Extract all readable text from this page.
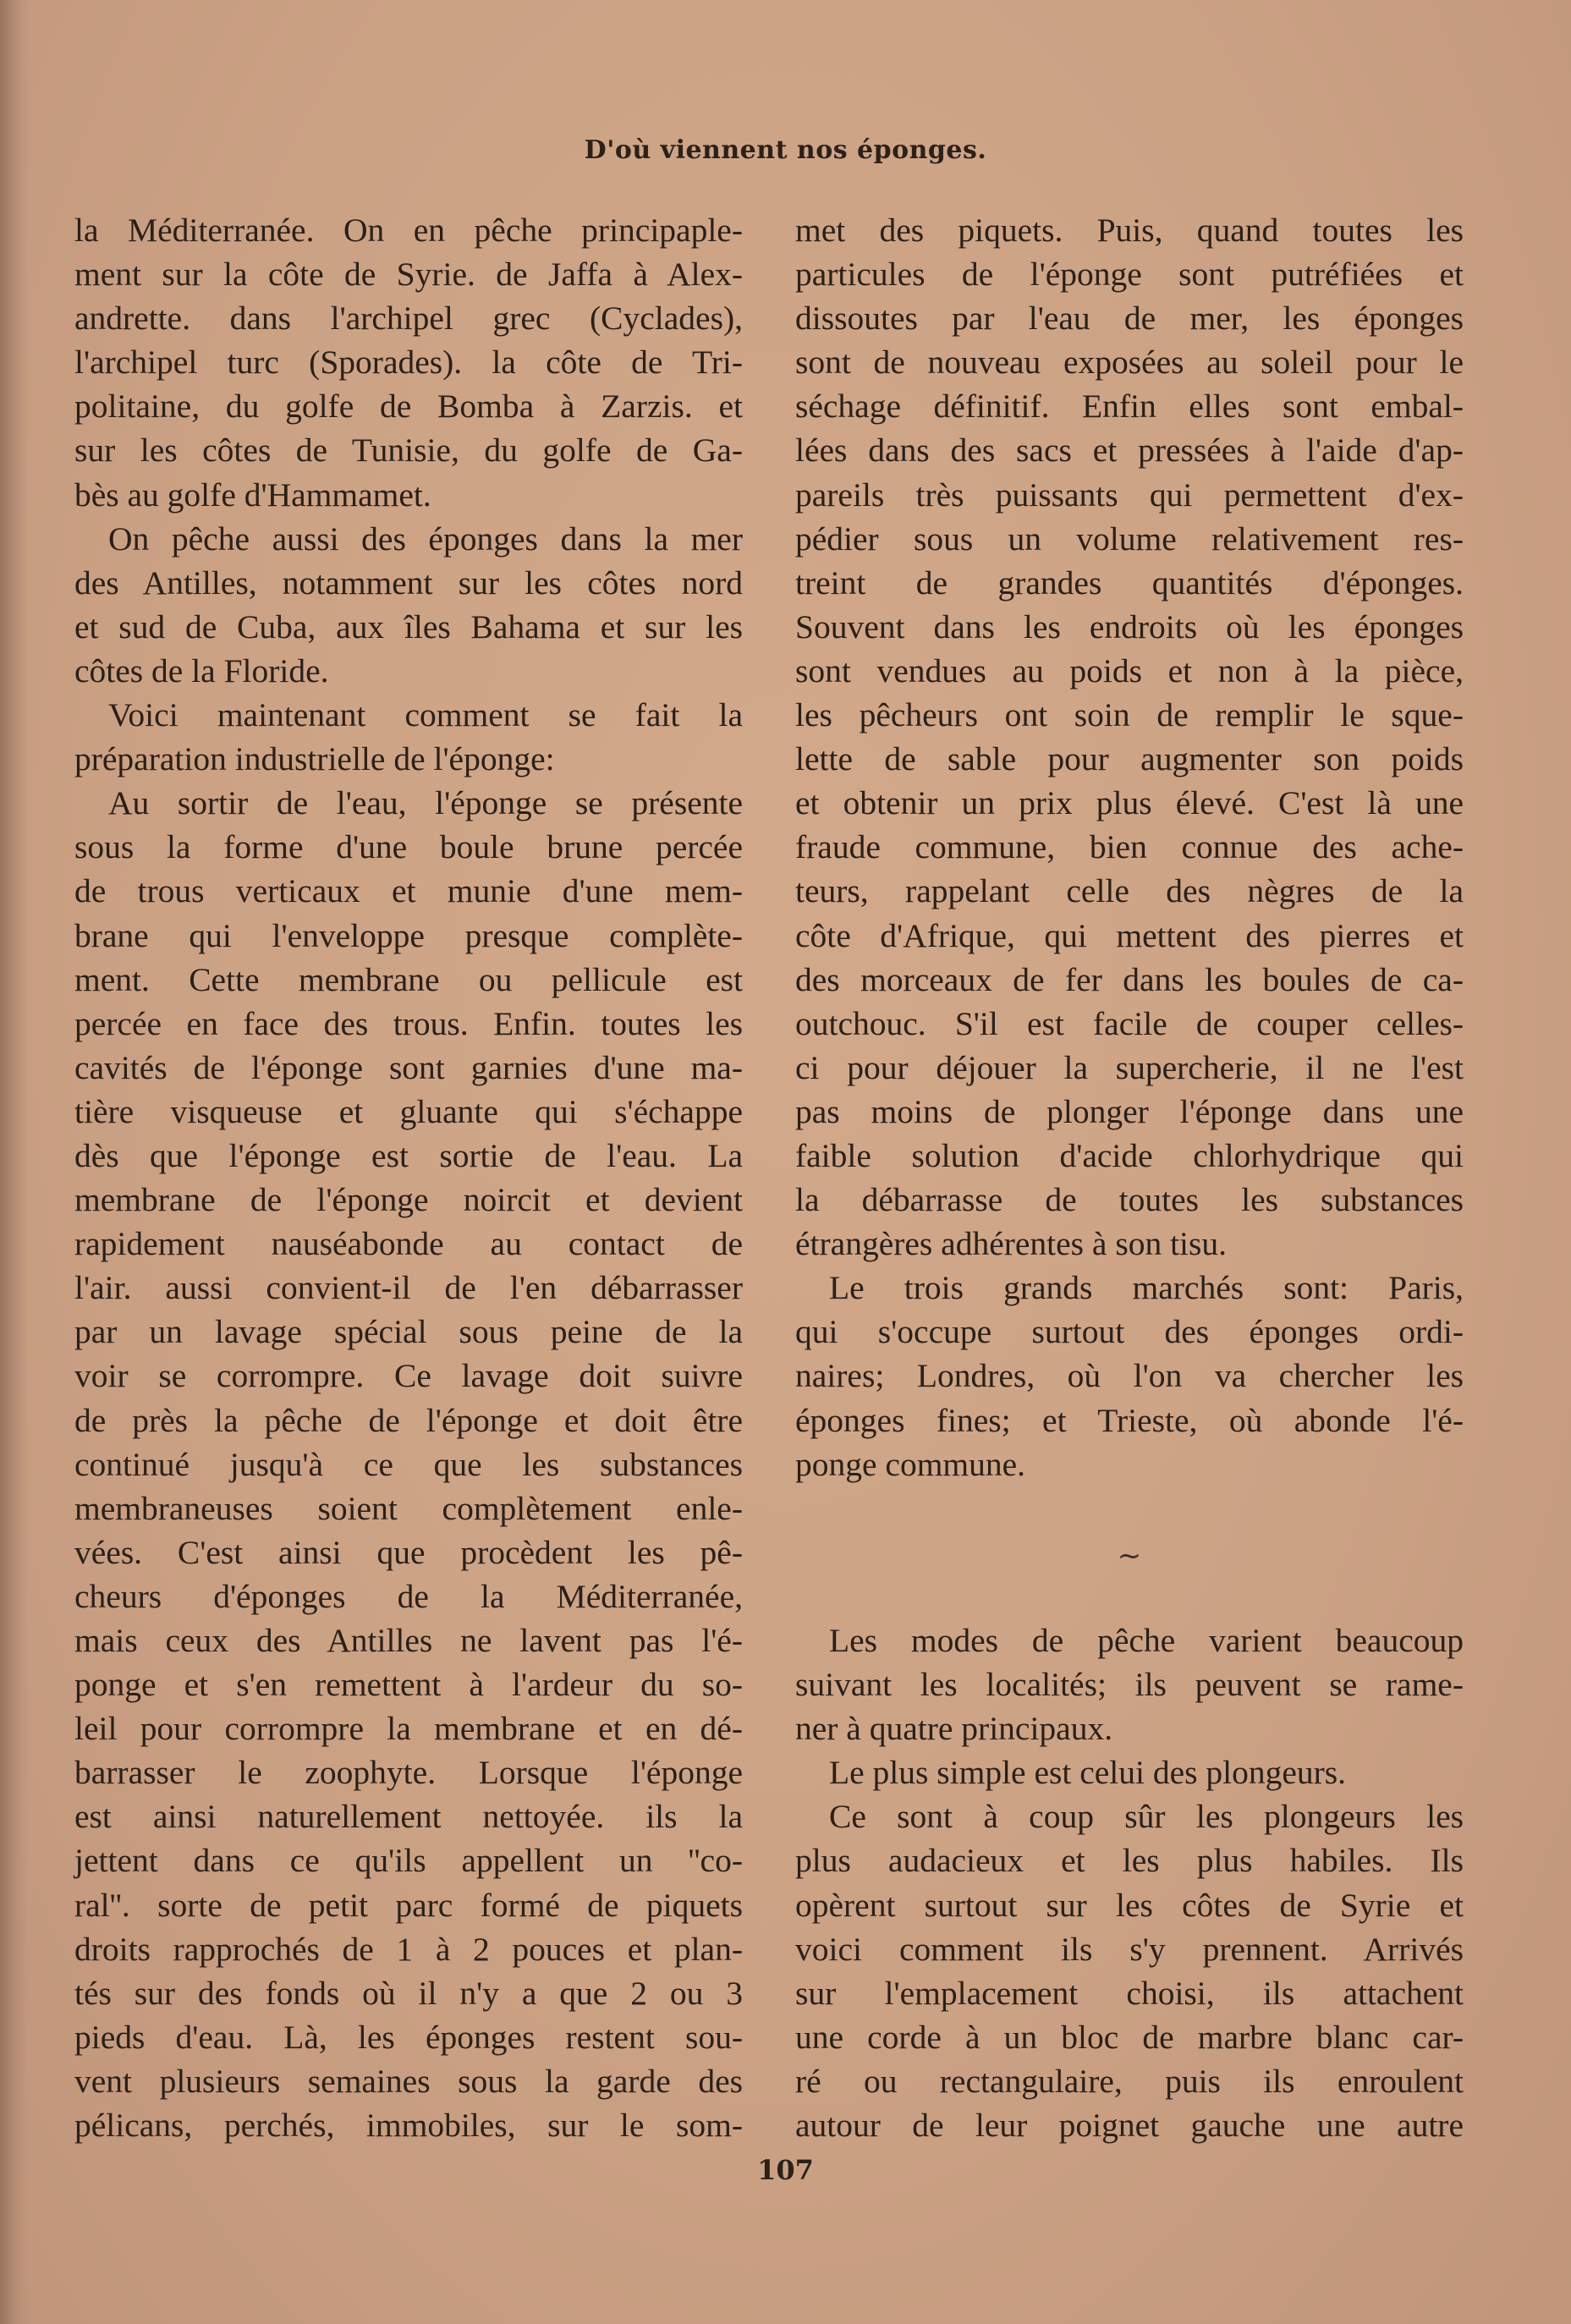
D'où viennent nos éponges.
la Méditerranée. On en pêche principaple-
ment sur la côte de Syrie. de Jaffa à Alex-
andrette. dans l'archipel grec (Cyclades),
l'archipel turc (Sporades). la côte de Tri-
politaine, du golfe de Bomba à Zarzis. et
sur les côtes de Tunisie, du golfe de Ga-
bès au golfe d'Hammamet.
On pêche aussi des éponges dans la mer
des Antilles, notamment sur les côtes nord
et sud de Cuba, aux îles Bahama et sur les
côtes de la Floride.
Voici maintenant comment se fait la
préparation industrielle de l'éponge:
Au sortir de l'eau, l'éponge se présente
sous la forme d'une boule brune percée
de trous verticaux et munie d'une mem-
brane qui l'enveloppe presque complète-
ment. Cette membrane ou pellicule est
percée en face des trous. Enfin. toutes les
cavités de l'éponge sont garnies d'une ma-
tière visqueuse et gluante qui s'échappe
dès que l'éponge est sortie de l'eau. La
membrane de l'éponge noircit et devient
rapidement nauséabonde au contact de
l'air. aussi convient-il de l'en débarrasser
par un lavage spécial sous peine de la
voir se corrompre. Ce lavage doit suivre
de près la pêche de l'éponge et doit être
continué jusqu'à ce que les substances
membraneuses soient complètement enle-
vées. C'est ainsi que procèdent les pê-
cheurs d'éponges de la Méditerranée,
mais ceux des Antilles ne lavent pas l'é-
ponge et s'en remettent à l'ardeur du so-
leil pour corrompre la membrane et en dé-
barrasser le zoophyte. Lorsque l'éponge
est ainsi naturellement nettoyée. ils la
jettent dans ce qu'ils appellent un ''co-
ral''. sorte de petit parc formé de piquets
droits rapprochés de 1 à 2 pouces et plan-
tés sur des fonds où il n'y a que 2 ou 3
pieds d'eau. Là, les éponges restent sou-
vent plusieurs semaines sous la garde des
pélicans, perchés, immobiles, sur le som-
met des piquets. Puis, quand toutes les
particules de l'éponge sont putréfiées et
dissoutes par l'eau de mer, les éponges
sont de nouveau exposées au soleil pour le
séchage définitif. Enfin elles sont embal-
lées dans des sacs et pressées à l'aide d'ap-
pareils très puissants qui permettent d'ex-
pédier sous un volume relativement res-
treint de grandes quantités d'éponges.
Souvent dans les endroits où les éponges
sont vendues au poids et non à la pièce,
les pêcheurs ont soin de remplir le sque-
lette de sable pour augmenter son poids
et obtenir un prix plus élevé. C'est là une
fraude commune, bien connue des ache-
teurs, rappelant celle des nègres de la
côte d'Afrique, qui mettent des pierres et
des morceaux de fer dans les boules de ca-
outchouc. S'il est facile de couper celles-
ci pour déjouer la supercherie, il ne l'est
pas moins de plonger l'éponge dans une
faible solution d'acide chlorhydrique qui
la débarrasse de toutes les substances
étrangères adhérentes à son tisu.
Le trois grands marchés sont: Paris,
qui s'occupe surtout des éponges ordi-
naires; Londres, où l'on va chercher les
éponges fines; et Trieste, où abonde l'é-
ponge commune.
~
Les modes de pêche varient beaucoup
suivant les localités; ils peuvent se rame-
ner à quatre principaux.
Le plus simple est celui des plongeurs.
Ce sont à coup sûr les plongeurs les
plus audacieux et les plus habiles. Ils
opèrent surtout sur les côtes de Syrie et
voici comment ils s'y prennent. Arrivés
sur l'emplacement choisi, ils attachent
une corde à un bloc de marbre blanc car-
ré ou rectangulaire, puis ils enroulent
autour de leur poignet gauche une autre
107
